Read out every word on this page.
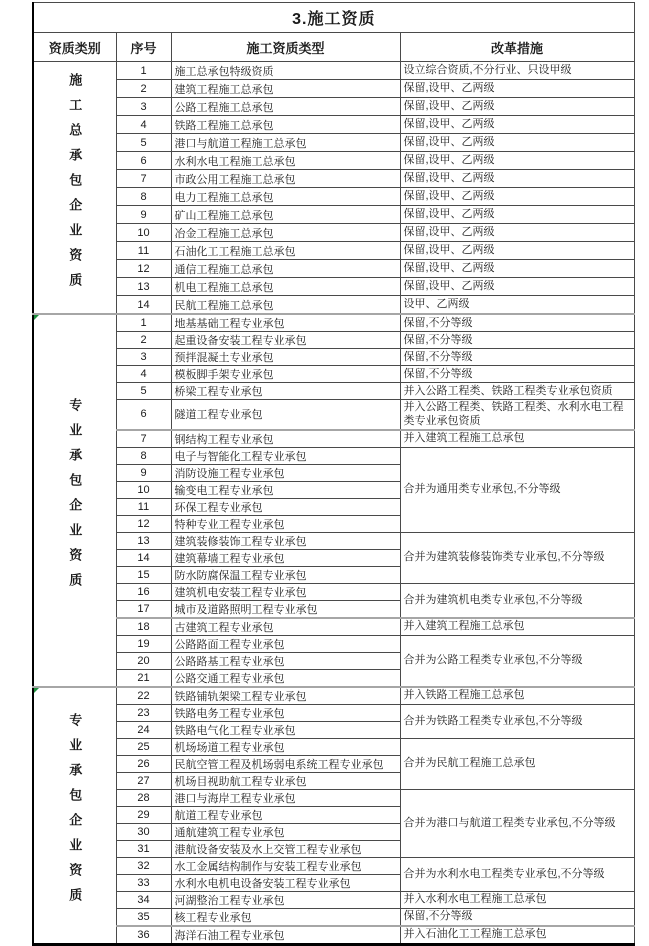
3.施工资质			
资质类别	序号	施工资质类型	改革措施
施工总承包企业资质	1	施工总承包特级资质	设立综合资质,不分行业、只设甲级
	2	建筑工程施工总承包	保留,设甲、乙两级
	3	公路工程施工总承包	保留,设甲、乙两级
	4	铁路工程施工总承包	保留,设甲、乙两级
	5	港口与航道工程施工总承包	保留,设甲、乙两级
	6	水利水电工程施工总承包	保留,设甲、乙两级
	7	市政公用工程施工总承包	保留,设甲、乙两级
	8	电力工程施工总承包	保留,设甲、乙两级
	9	矿山工程施工总承包	保留,设甲、乙两级
	10	冶金工程施工总承包	保留,设甲、乙两级
	11	石油化工工程施工总承包	保留,设甲、乙两级
	12	通信工程施工总承包	保留,设甲、乙两级
	13	机电工程施工总承包	保留,设甲、乙两级
	14	民航工程施工总承包	设甲、乙两级

专业承包企业资质	1	地基基础工程专业承包	保留,不分等级
	2	起重设备安装工程专业承包	保留,不分等级
	3	预拌混凝土专业承包	保留,不分等级
	4	模板脚手架专业承包	保留,不分等级
	5	桥梁工程专业承包	并入公路工程类、铁路工程类专业承包资质
	6	隧道工程专业承包	并入公路工程类、铁路工程类、水利水电工程类专业承包资质
	7	钢结构工程专业承包	并入建筑工程施工总承包
	8	电子与智能化工程专业承包	合并为通用类专业承包,不分等级
	9	消防设施工程专业承包	
	10	输变电工程专业承包	
	11	环保工程专业承包	
	12	特种专业工程专业承包	
	13	建筑装修装饰工程专业承包	合并为建筑装修装饰类专业承包,不分等级
	14	建筑幕墙工程专业承包	
	15	防水防腐保温工程专业承包	
	16	建筑机电安装工程专业承包	合并为建筑机电类专业承包,不分等级
	17	城市及道路照明工程专业承包	
	18	古建筑工程专业承包	并入建筑工程施工总承包
	19	公路路面工程专业承包	合并为公路工程类专业承包,不分等级
	20	公路路基工程专业承包	
	21	公路交通工程专业承包	

专业承包企业资质	22	铁路铺轨架梁工程专业承包	并入铁路工程施工总承包
	23	铁路电务工程专业承包	合并为铁路工程类专业承包,不分等级
	24	铁路电气化工程专业承包	
	25	机场场道工程专业承包	合并为民航工程施工总承包
	26	民航空管工程及机场弱电系统工程专业承包	
	27	机场目视助航工程专业承包	
	28	港口与海岸工程专业承包	合并为港口与航道工程类专业承包,不分等级
	29	航道工程专业承包	
	30	通航建筑工程专业承包	
	31	港航设备安装及水上交管工程专业承包	
	32	水工金属结构制作与安装工程专业承包	合并为水利水电工程类专业承包,不分等级
	33	水利水电机电设备安装工程专业承包	
	34	河湖整治工程专业承包	并入水利水电工程施工总承包
	35	核工程专业承包	保留,不分等级
	36	海洋石油工程专业承包	并入石油化工工程施工总承包
